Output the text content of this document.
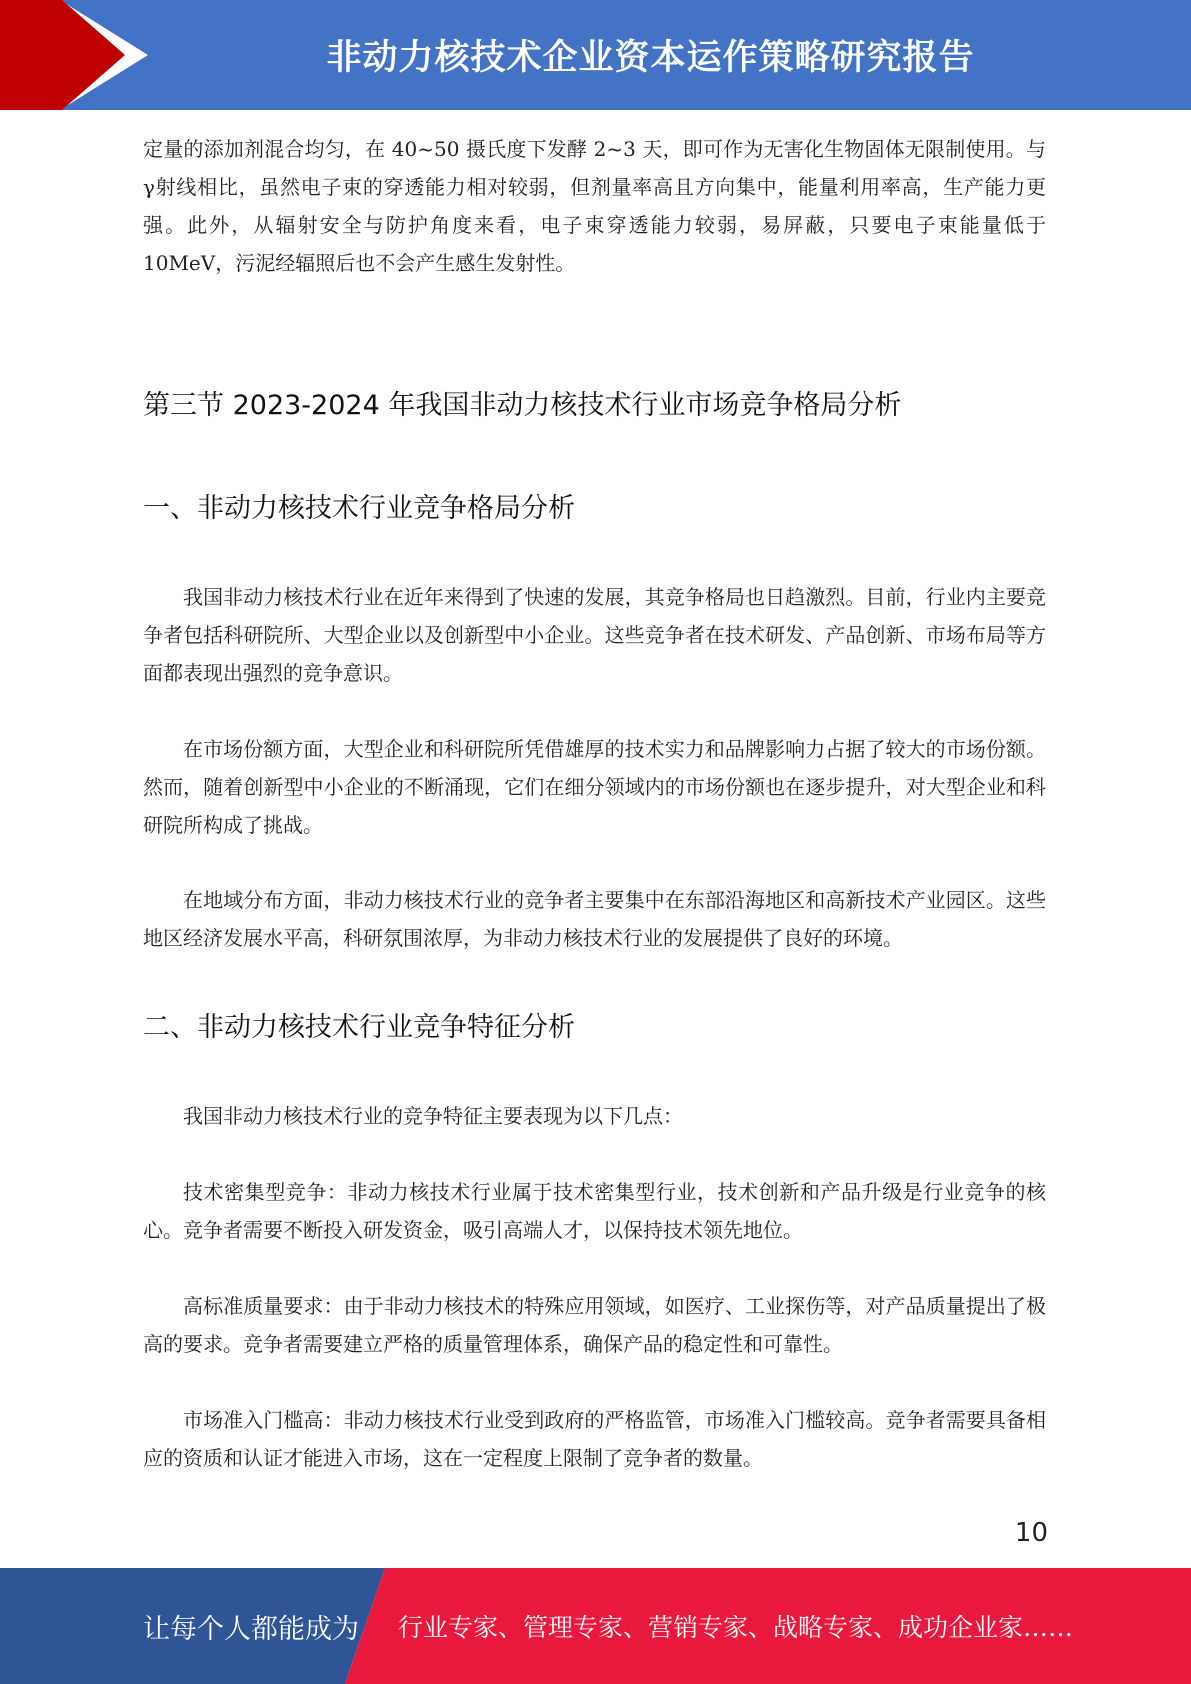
非动力核技术企业资本运作策略研究报告

定量的添加剂混合均匀，在 40~50 摄氏度下发酵 2~3 天，即可作为无害化生物固体无限制使用。与γ射线相比，虽然电子束的穿透能力相对较弱，但剂量率高且方向集中，能量利用率高，生产能力更强。此外，从辐射安全与防护角度来看，电子束穿透能力较弱，易屏蔽，只要电子束能量低于 10MeV，污泥经辐照后也不会产生感生发射性。

第三节 2023-2024 年我国非动力核技术行业市场竞争格局分析
一、非动力核技术行业竞争格局分析

我国非动力核技术行业在近年来得到了快速的发展，其竞争格局也日趋激烈。目前，行业内主要竞争者包括科研院所、大型企业以及创新型中小企业。这些竞争者在技术研发、产品创新、市场布局等方面都表现出强烈的竞争意识。

在市场份额方面，大型企业和科研院所凭借雄厚的技术实力和品牌影响力占据了较大的市场份额。然而，随着创新型中小企业的不断涌现，它们在细分领域内的市场份额也在逐步提升，对大型企业和科研院所构成了挑战。

在地域分布方面，非动力核技术行业的竞争者主要集中在东部沿海地区和高新技术产业园区。这些地区经济发展水平高，科研氛围浓厚，为非动力核技术行业的发展提供了良好的环境。

二、非动力核技术行业竞争特征分析

我国非动力核技术行业的竞争特征主要表现为以下几点：

技术密集型竞争：非动力核技术行业属于技术密集型行业，技术创新和产品升级是行业竞争的核心。竞争者需要不断投入研发资金，吸引高端人才，以保持技术领先地位。

高标准质量要求：由于非动力核技术的特殊应用领域，如医疗、工业探伤等，对产品质量提出了极高的要求。竞争者需要建立严格的质量管理体系，确保产品的稳定性和可靠性。

市场准入门槛高：非动力核技术行业受到政府的严格监管，市场准入门槛较高。竞争者需要具备相应的资质和认证才能进入市场，这在一定程度上限制了竞争者的数量。

10
让每个人都能成为 行业专家、管理专家、营销专家、战略专家、成功企业家……
